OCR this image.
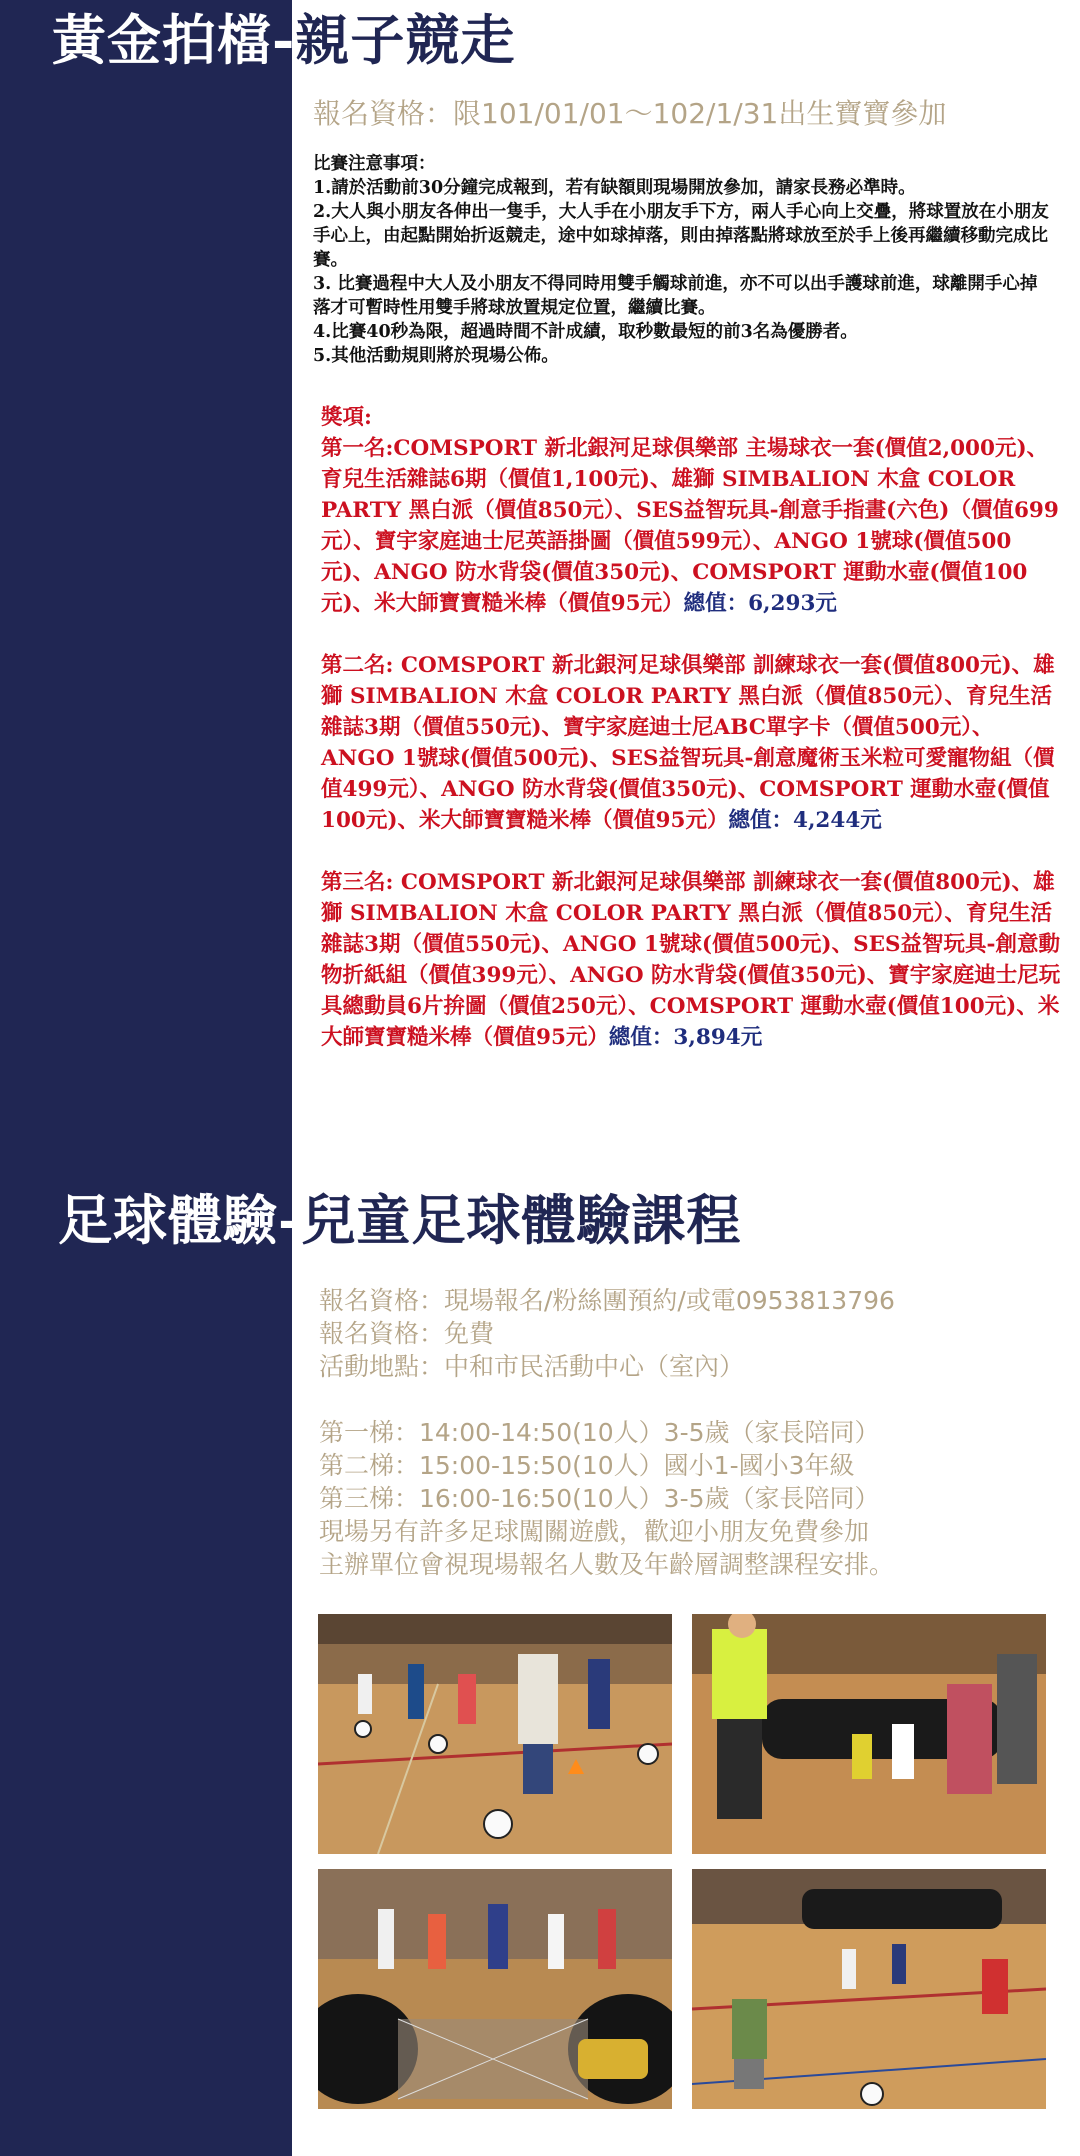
黃金拍檔-親子競走

報名資格：限101/01/01～102/1/31出生寶寶參加

比賽注意事項：

1.請於活動前30分鐘完成報到，若有缺額則現場開放參加，請家長務必準時。

2.大人與小朋友各伸出一隻手，大人手在小朋友手下方，兩人手心向上交疊，將球置放在小朋友手心上，由起點開始折返競走，途中如球掉落，則由掉落點將球放至於手上後再繼續移動完成比賽。

3. 比賽過程中大人及小朋友不得同時用雙手觸球前進，亦不可以出手護球前進，球離開手心掉落才可暫時性用雙手將球放置規定位置，繼續比賽。

4.比賽40秒為限，超過時間不計成績，取秒數最短的前3名為優勝者。

5.其他活動規則將於現場公佈。

獎項:

第一名:COMSPORT 新北銀河足球俱樂部 主場球衣一套(價值2,000元)、育兒生活雜誌6期（價值1,100元)、雄獅 SIMBALION 木盒 COLOR PARTY 黑白派（價值850元）、SES益智玩具-創意手指畫(六色)（價值699元）、寶宇家庭迪士尼英語掛圖（價值599元）、ANGO 1號球(價值500元)、ANGO 防水背袋(價值350元)、COMSPORT 運動水壺(價值100元)、米大師寶寶糙米棒（價值95元）總值：6,293元

第二名: COMSPORT 新北銀河足球俱樂部 訓練球衣一套(價值800元)、雄獅 SIMBALION 木盒 COLOR PARTY 黑白派（價值850元）、育兒生活雜誌3期（價值550元)、寶宇家庭迪士尼ABC單字卡（價值500元）、ANGO 1號球(價值500元)、SES益智玩具-創意魔術玉米粒可愛寵物組（價值499元）、ANGO 防水背袋(價值350元)、COMSPORT 運動水壺(價值100元)、米大師寶寶糙米棒（價值95元）總值：4,244元

第三名: COMSPORT 新北銀河足球俱樂部 訓練球衣一套(價值800元)、雄獅 SIMBALION 木盒 COLOR PARTY 黑白派（價值850元）、育兒生活雜誌3期（價值550元)、ANGO 1號球(價值500元)、SES益智玩具-創意動物折紙組（價值399元）、ANGO 防水背袋(價值350元)、寶宇家庭迪士尼玩具總動員6片拚圖（價值250元）、COMSPORT 運動水壺(價值100元)、米大師寶寶糙米棒（價值95元）總值：3,894元

足球體驗-兒童足球體驗課程

報名資格：現場報名/粉絲團預約/或電0953813796

報名資格：免費

活動地點：中和市民活動中心（室內）

第一梯：14:00-14:50(10人）3-5歲（家長陪同）

第二梯：15:00-15:50(10人）國小1-國小3年級

第三梯：16:00-16:50(10人）3-5歲（家長陪同）

現場另有許多足球闖關遊戲，歡迎小朋友免費參加

主辦單位會視現場報名人數及年齡層調整課程安排。
